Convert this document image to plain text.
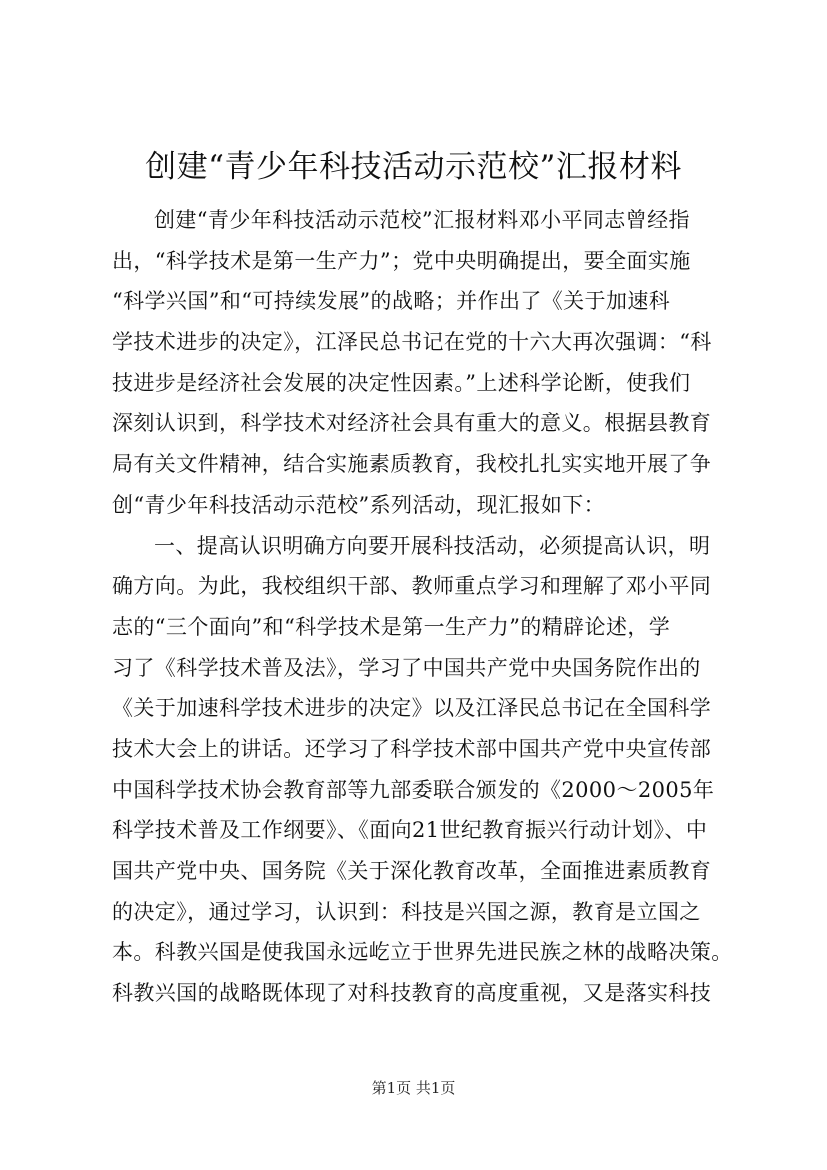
创建“青少年科技活动示范校”汇报材料
创建“青少年科技活动示范校”汇报材料邓小平同志曾经指
出，“科学技术是第一生产力”；党中央明确提出，要全面实施
“科学兴国”和“可持续发展”的战略；并作出了《关于加速科
学技术进步的决定》，江泽民总书记在党的十六大再次强调：“科
技进步是经济社会发展的决定性因素。”上述科学论断，使我们
深刻认识到，科学技术对经济社会具有重大的意义。根据县教育
局有关文件精神，结合实施素质教育，我校扎扎实实地开展了争
创“青少年科技活动示范校”系列活动，现汇报如下：
一、提高认识明确方向要开展科技活动，必须提高认识，明
确方向。为此，我校组织干部、教师重点学习和理解了邓小平同
志的“三个面向”和“科学技术是第一生产力”的精辟论述，学
习了《科学技术普及法》，学习了中国共产党中央国务院作出的
《关于加速科学技术进步的决定》以及江泽民总书记在全国科学
技术大会上的讲话。还学习了科学技术部中国共产党中央宣传部
中国科学技术协会教育部等九部委联合颁发的《2000～2005年
科学技术普及工作纲要》、《面向21世纪教育振兴行动计划》、中
国共产党中央、国务院《关于深化教育改革，全面推进素质教育
的决定》，通过学习，认识到：科技是兴国之源，教育是立国之
本。科教兴国是使我国永远屹立于世界先进民族之林的战略决策。
科教兴国的战略既体现了对科技教育的高度重视，又是落实科技
第1页 共1页
